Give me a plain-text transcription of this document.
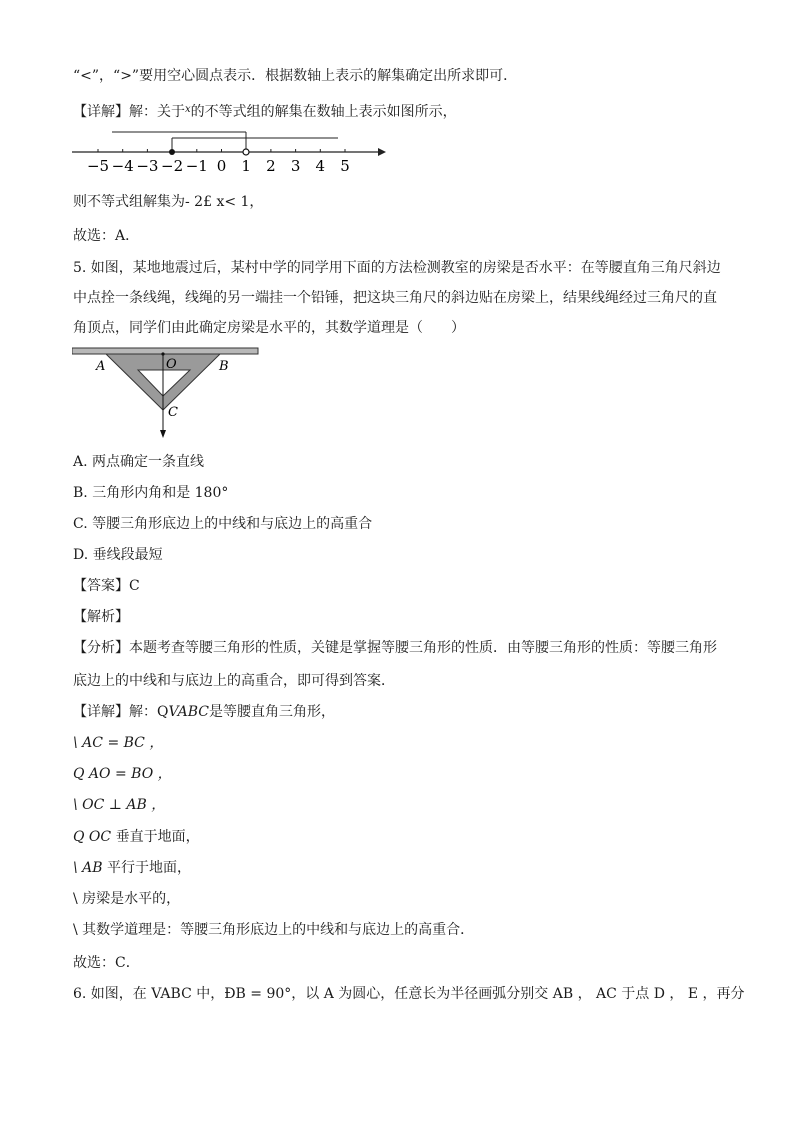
“<”，“>”要用空心圆点表示．根据数轴上表示的解集确定出所求即可．
【详解】解：关于$^x$的不等式组的解集在数轴上表示如图所示，
−5 −4 −3 −2 −1 0 1 2 3 4 5
则不等式组解集为- 2£ x< 1，
故选：A．
5. 如图，某地地震过后，某村中学的同学用下面的方法检测教室的房梁是否水平：在等腰直角三角尺斜边
中点拴一条线绳，线绳的另一端挂一个铅锤，把这块三角尺的斜边贴在房梁上，结果线绳经过三角尺的直
角顶点，同学们由此确定房梁是水平的，其数学道理是（　　）
A	O	B
C
A. 两点确定一条直线
B. 三角形内角和是 180°
C. 等腰三角形底边上的中线和与底边上的高重合
D. 垂线段最短
【答案】C
【解析】
【分析】本题考查等腰三角形的性质，关键是掌握等腰三角形的性质．由等腰三角形的性质：等腰三角形
底边上的中线和与底边上的高重合，即可得到答案．
【详解】解：QVABC是等腰直角三角形，
\ AC = BC ，
Q AO = BO ，
\ OC ⊥ AB ，
Q OC 垂直于地面，
\ AB 平行于地面，
\ 房梁是水平的，
\ 其数学道理是：等腰三角形底边上的中线和与底边上的高重合．
故选：C．
6. 如图，在 VABC 中，ÐB = 90°，以 A 为圆心，任意长为半径画弧分别交 AB ， AC 于点 D ， E ，再分
